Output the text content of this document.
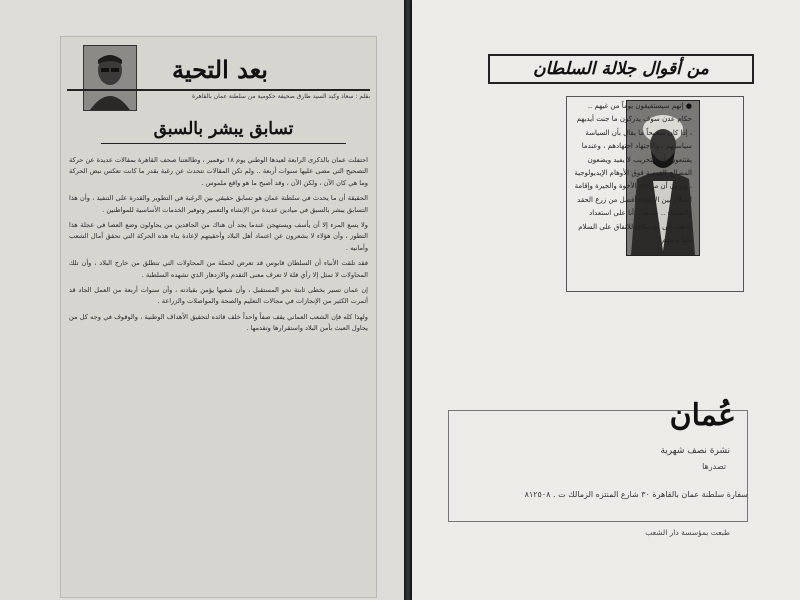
بعد التحية
بقلم : سعاد وكيد السيد طارق صحيفة حكومية من سلطنة عمان بالقاهرة
تسابق يبشر بالسبق

احتفلت عمان بالذكرى الرابعة لعيدها الوطني يوم ١٨ نوفمبر ، وطالعتنا صحف القاهرة بمقالات عديدة عن حركة التصحيح التي مضى عليها سنوات أربعة .. ولم تكن المقالات تتحدث عن رغبة بقدر ما كانت تعكس نبض الحركة وما هي كان الآن ، ولكن الآن ، وقد أصبح ما هو واقع ملموس .

الحقيقة أن ما يحدث في سلطنة عمان هو تسابق حقيقي بين الرغبة في التطوير والقدرة على التنفيذ ، وأن هذا التسابق يبشر بالسبق في ميادين عديدة من الإنشاء والتعمير وتوفير الخدمات الأساسية للمواطنين .

ولا يسع المرء إلا أن يأسف ويستهجن عندما يجد أن هناك من الحاقدين من يحاولون وضع العصا في عجلة هذا التطور ، وأن هؤلاء لا يشعرون عن اعتماد أهل البلاد وأحقيتهم لإعادة بناء هذه الحركة التي تحقق آمال الشعب وأمانيه .

فقد تلقت الأنباء أن السلطان قابوس قد تعرض لحملة من المحاولات التي تنطلق من خارج البلاد ، وأن تلك المحاولات لا تمثل إلا رأي قلة لا تعرف معنى التقدم والازدهار الذي تشهده السلطنة .

إن عمان تسير بخطى ثابتة نحو المستقبل ، وأن شعبها يؤمن بقيادته ، وأن سنوات أربعة من العمل الجاد قد أثمرت الكثير من الإنجازات في مجالات التعليم والصحة والمواصلات والزراعة .

ولهذا كله فإن الشعب العماني يقف صفاً واحداً خلف قائده لتحقيق الأهداف الوطنية ، والوقوف في وجه كل من يحاول العبث بأمن البلاد واستقرارها وتقدمها .

من أقوال جلالة السلطان
● إنهم سيستفيقون يوماً من غيهم .. حكام عدن سوف يدركون ما جنت أيديهم ، إذا كان صحيحاً ما يقال بأن السياسة سياستهم ، والاجتهاد اجتهادهم ، وعندما يقتنعون بأن التخريب لا يفيد ويضعون المصالح القومية فوق الأوهام الإيديولوجية ، ويرون أن مراعاة الأخوة والجيرة وإقامة السلام بين الأشقاء أفضل من زرع الحقد والبغضاء .. عندها .. أنا على استعداد لأذهب إلى أي مكان للاتفاق على السلام بيننا وبينهم .
عُمان
نشرة نصف شهرية
تصدرها
سفارة سلطنة عمان بالقاهرة ٣٠ شارع المنتزه الزمالك ت . ٨١٢٥٠٨
طبعت بمؤسسة دار الشعب
